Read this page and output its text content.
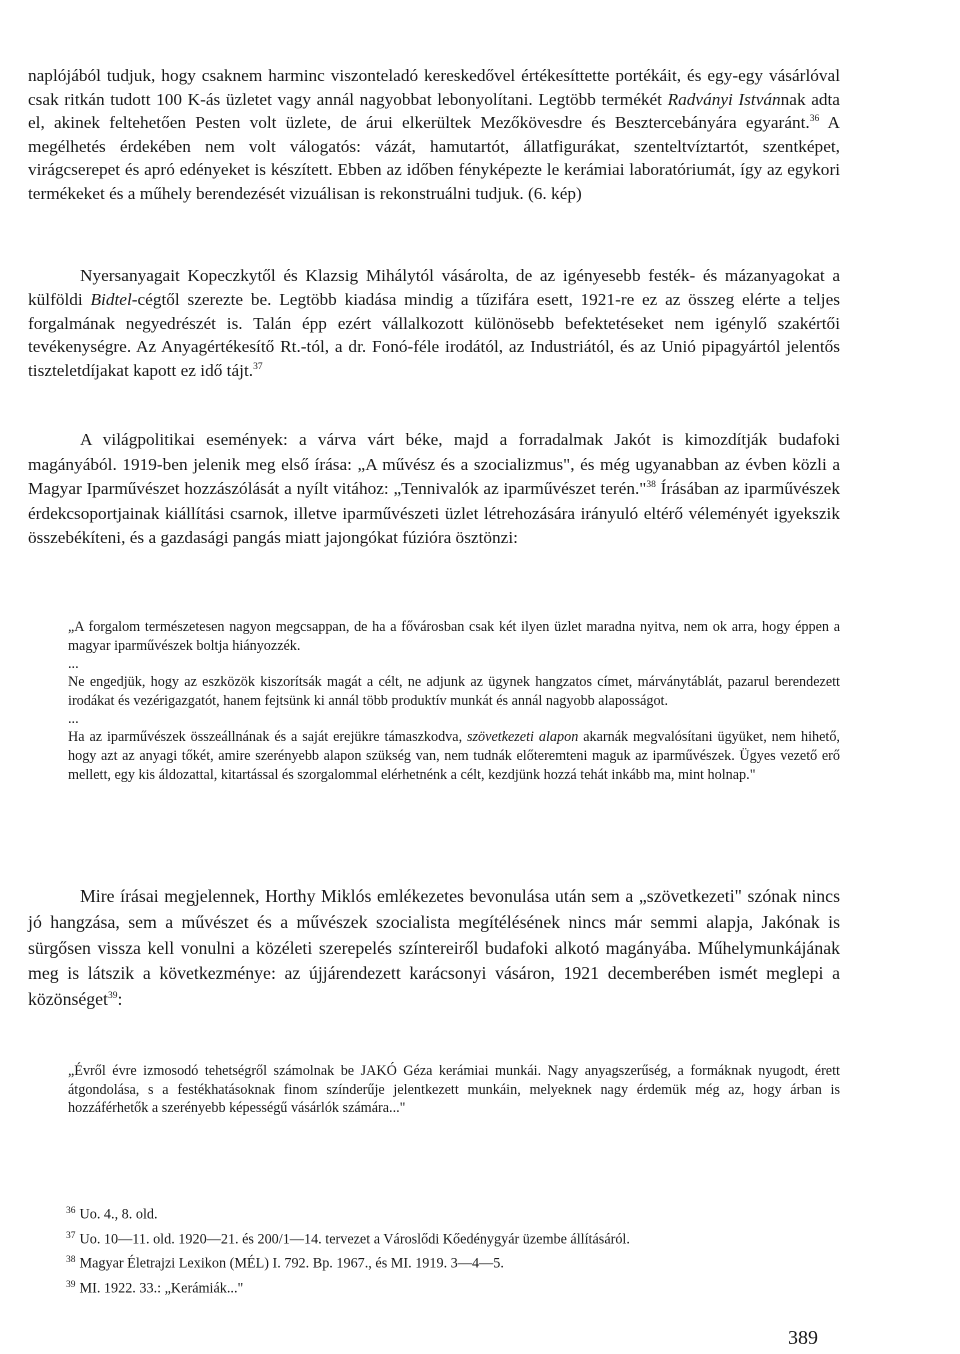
naplójából tudjuk, hogy csaknem harminc viszonteladó kereskedővel értékesíttette portékáit, és egy-egy vásárlóval csak ritkán tudott 100 K-ás üzletet vagy annál nagyobbat lebonyolítani. Legtöbb termékét Radványi Istvánnak adta el, akinek feltehetően Pesten volt üzlete, de árui elkerültek Mezőkövesdre és Besztercebányára egyaránt.$^{36}$ A megélhetés érdekében nem volt válogatós: vázát, hamutartót, állatfigurákat, szenteltvíztartót, szentképet, virágcserepet és apró edényeket is készített. Ebben az időben fényképezte le kerámiai laboratóriumát, így az egykori termékeket és a műhely berendezését vizuálisan is rekonstruálni tudjuk. (6. kép)

Nyersanyagait Kopeczkytől és Klazsig Mihálytól vásárolta, de az igényesebb festék- és mázanyagokat a külföldi Bidtel-cégtől szerezte be. Legtöbb kiadása mindig a tűzifára esett, 1921-re ez az összeg elérte a teljes forgalmának negyedrészét is. Talán épp ezért vállalkozott különösebb befektetéseket nem igénylő szakértői tevékenységre. Az Anyagértékesítő Rt.-tól, a dr. Fonó-féle irodától, az Industriától, és az Unió pipagyártól jelentős tiszteletdíjakat kapott ez idő tájt.$^{37}$

A világpolitikai események: a várva várt béke, majd a forradalmak Jakót is kimozdítják budafoki magányából. 1919-ben jelenik meg első írása: „A művész és a szocializmus", és még ugyanabban az évben közli a Magyar Iparművészet hozzászólását a nyílt vitához: „Tennivalók az iparművészet terén."$^{38}$ Írásában az iparművészek érdekcsoportjainak kiállítási csarnok, illetve iparművészeti üzlet létrehozására irányuló eltérő véleményét igyekszik összebékíteni, és a gazdasági pangás miatt jajongókat fúzióra ösztönzi:

„A forgalom természetesen nagyon megcsappan, de ha a fővárosban csak két ilyen üzlet maradna nyitva, nem ok arra, hogy éppen a magyar iparművészek boltja hiányozzék.
...
Ne engedjük, hogy az eszközök kiszorítsák magát a célt, ne adjunk az ügynek hangzatos címet, márványtáblát, pazarul berendezett irodákat és vezérigazgatót, hanem fejtsünk ki annál több produktív munkát és annál nagyobb alaposságot.
...
Ha az iparművészek összeállnának és a saját erejükre támaszkodva, szövetkezeti alapon akarnák megvalósítani ügyüket, nem hihető, hogy azt az anyagi tőkét, amire szerényebb alapon szükség van, nem tudnák előteremteni maguk az iparművészek. Ügyes vezető erő mellett, egy kis áldozattal, kitartással és szorgalommal elérhetnénk a célt, kezdjünk hozzá tehát inkább ma, mint holnap."

Mire írásai megjelennek, Horthy Miklós emlékezetes bevonulása után sem a „szövetkezeti" szónak nincs jó hangzása, sem a művészet és a művészek szocialista megítélésének nincs már semmi alapja, Jakónak is sürgősen vissza kell vonulni a közéleti szerepelés színtereiről budafoki alkotó magányába. Műhelymunkájának meg is látszik a következménye: az újjárendezett karácsonyi vásáron, 1921 decemberében ismét meglepi a közönséget$^{39}$:

„Évről évre izmosodó tehetségről számolnak be JAKÓ Géza kerámiai munkái. Nagy anyagszerűség, a formáknak nyugodt, érett átgondolása, s a festékhatásoknak finom színderűje jelentkezett munkáin, melyeknek nagy érdemük még az, hogy árban is hozzáférhetők a szerényebb képességű vásárlók számára..."
$^{36}$ Uo. 4., 8. old.
$^{37}$ Uo. 10—11. old. 1920—21. és 200/1—14. tervezet a Városlődi Kőedénygyár üzembe állításáról.
$^{38}$ Magyar Életrajzi Lexikon (MÉL) I. 792. Bp. 1967., és MI. 1919. 3—4—5.
$^{39}$ MI. 1922. 33.: „Kerámiák..."
389
